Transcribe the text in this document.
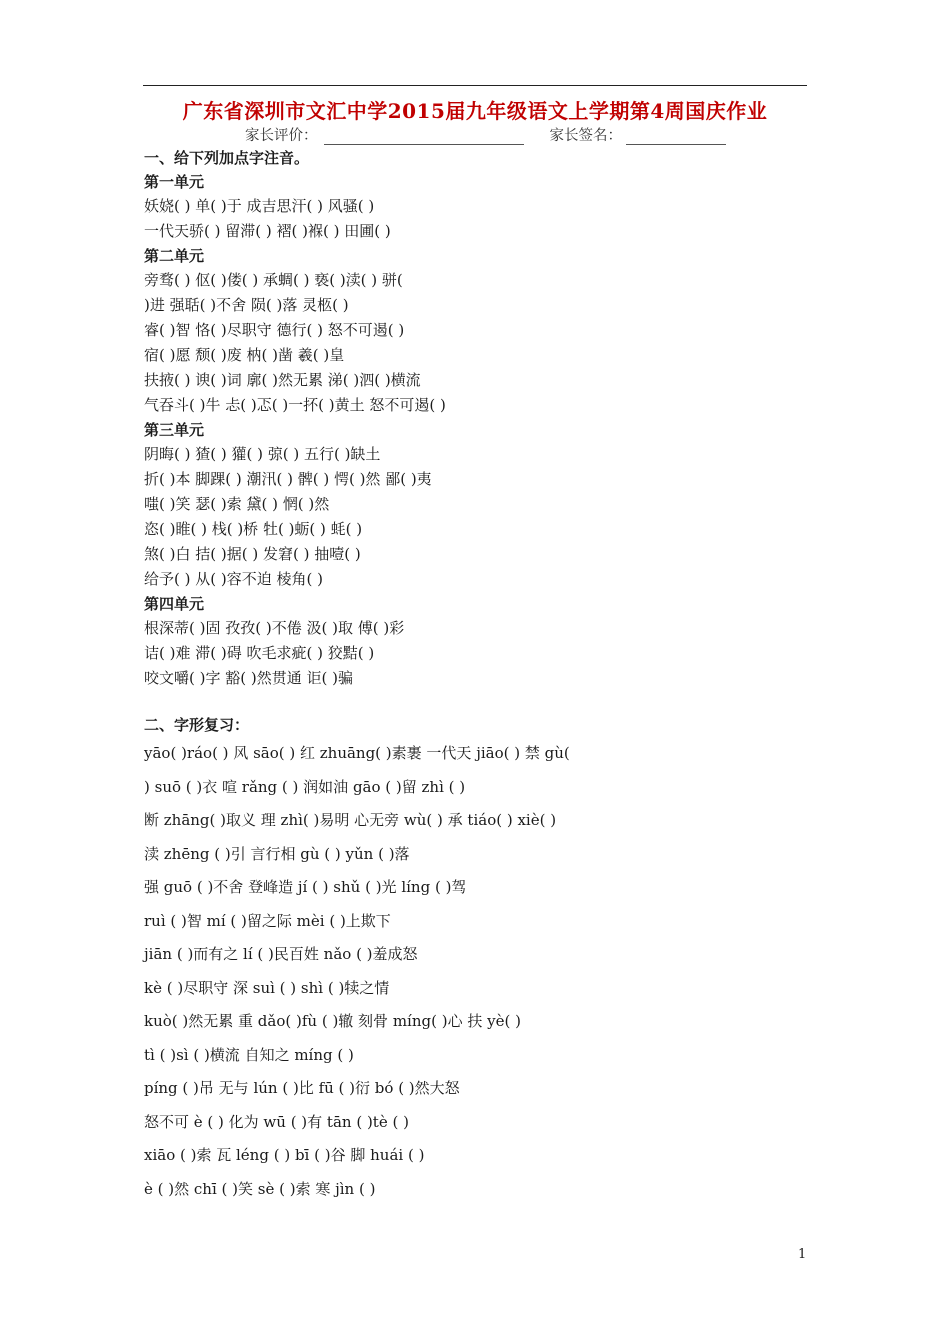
广东省深圳市文汇中学2015届九年级语文上学期第4周国庆作业
家长评价：	家长签名：
一、给下列加点字注音。
第一单元
妖娆( ) 单( )于 成吉思汗( ) 风骚( )
一代天骄( ) 留滞( ) 褶( )褓( ) 田圃( )
第二单元
旁骛( ) 伛( )偻( ) 承蜩( ) 亵( )渎( ) 骈(
)进 强聒( )不舍 陨( )落 灵柩( )
睿( )智 恪( )尽职守 德行( ) 怒不可遏( )
宿( )愿 颓( )废 枘( )凿 羲( )皇
扶掖( ) 谀( )词 廓( )然无累 涕( )泗( )横流
气吞斗( )牛 忐( )忑( )一抔( )黄土 怒不可遏( )
第三单元
阴晦( ) 猹( ) 獾( ) 弶( ) 五行( )缺土
折( )本 脚踝( ) 潮汛( ) 髀( ) 愕( )然 鄙( )夷
嗤( )笑 瑟( )索 黛( ) 惘( )然
恣( )睢( ) 栈( )桥 牡( )蛎( ) 蚝( )
煞( )白 拮( )据( ) 发窘( ) 抽噎( )
给予( ) 从( )容不迫 棱角( )
第四单元
根深蒂( )固 孜孜( )不倦 汲( )取 傅( )彩
诘( )难 滞( )碍 吹毛求疵( ) 狡黠( )
咬文嚼( )字 豁( )然贯通 讵( )骗
二、字形复习：
yāo( )ráo( ) 风 sāo( ) 红 zhuāng( )素裹 一代天 jiāo( ) 禁 gù(
) suō ( )衣 喧 rǎng ( ) 润如油 gāo ( )留 zhì ( )
断 zhāng( )取义 理 zhì( )易明 心无旁 wù( ) 承 tiáo( ) xiè( )
渎 zhēng ( )引 言行相 gù ( ) yǔn ( )落
强 guō ( )不舍 登峰造 jí ( ) shǔ ( )光 líng ( )驾
ruì ( )智 mí ( )留之际 mèi ( )上欺下
jiān ( )而有之 lí ( )民百姓 nǎo ( )羞成怒
kè ( )尽职守 深 suì ( ) shì ( )犊之情
kuò( )然无累 重 dǎo( )fù ( )辙 刻骨 míng( )心 扶 yè( )
tì ( )sì ( )横流 自知之 míng ( )
píng ( )吊 无与 lún ( )比 fū ( )衍 bó ( )然大怒
怒不可 è ( ) 化为 wū ( )有 tān ( )tè ( )
xiāo ( )索 瓦 léng ( ) bī ( )谷 脚 huái ( )
è ( )然 chī ( )笑 sè ( )索 寒 jìn ( )
1
